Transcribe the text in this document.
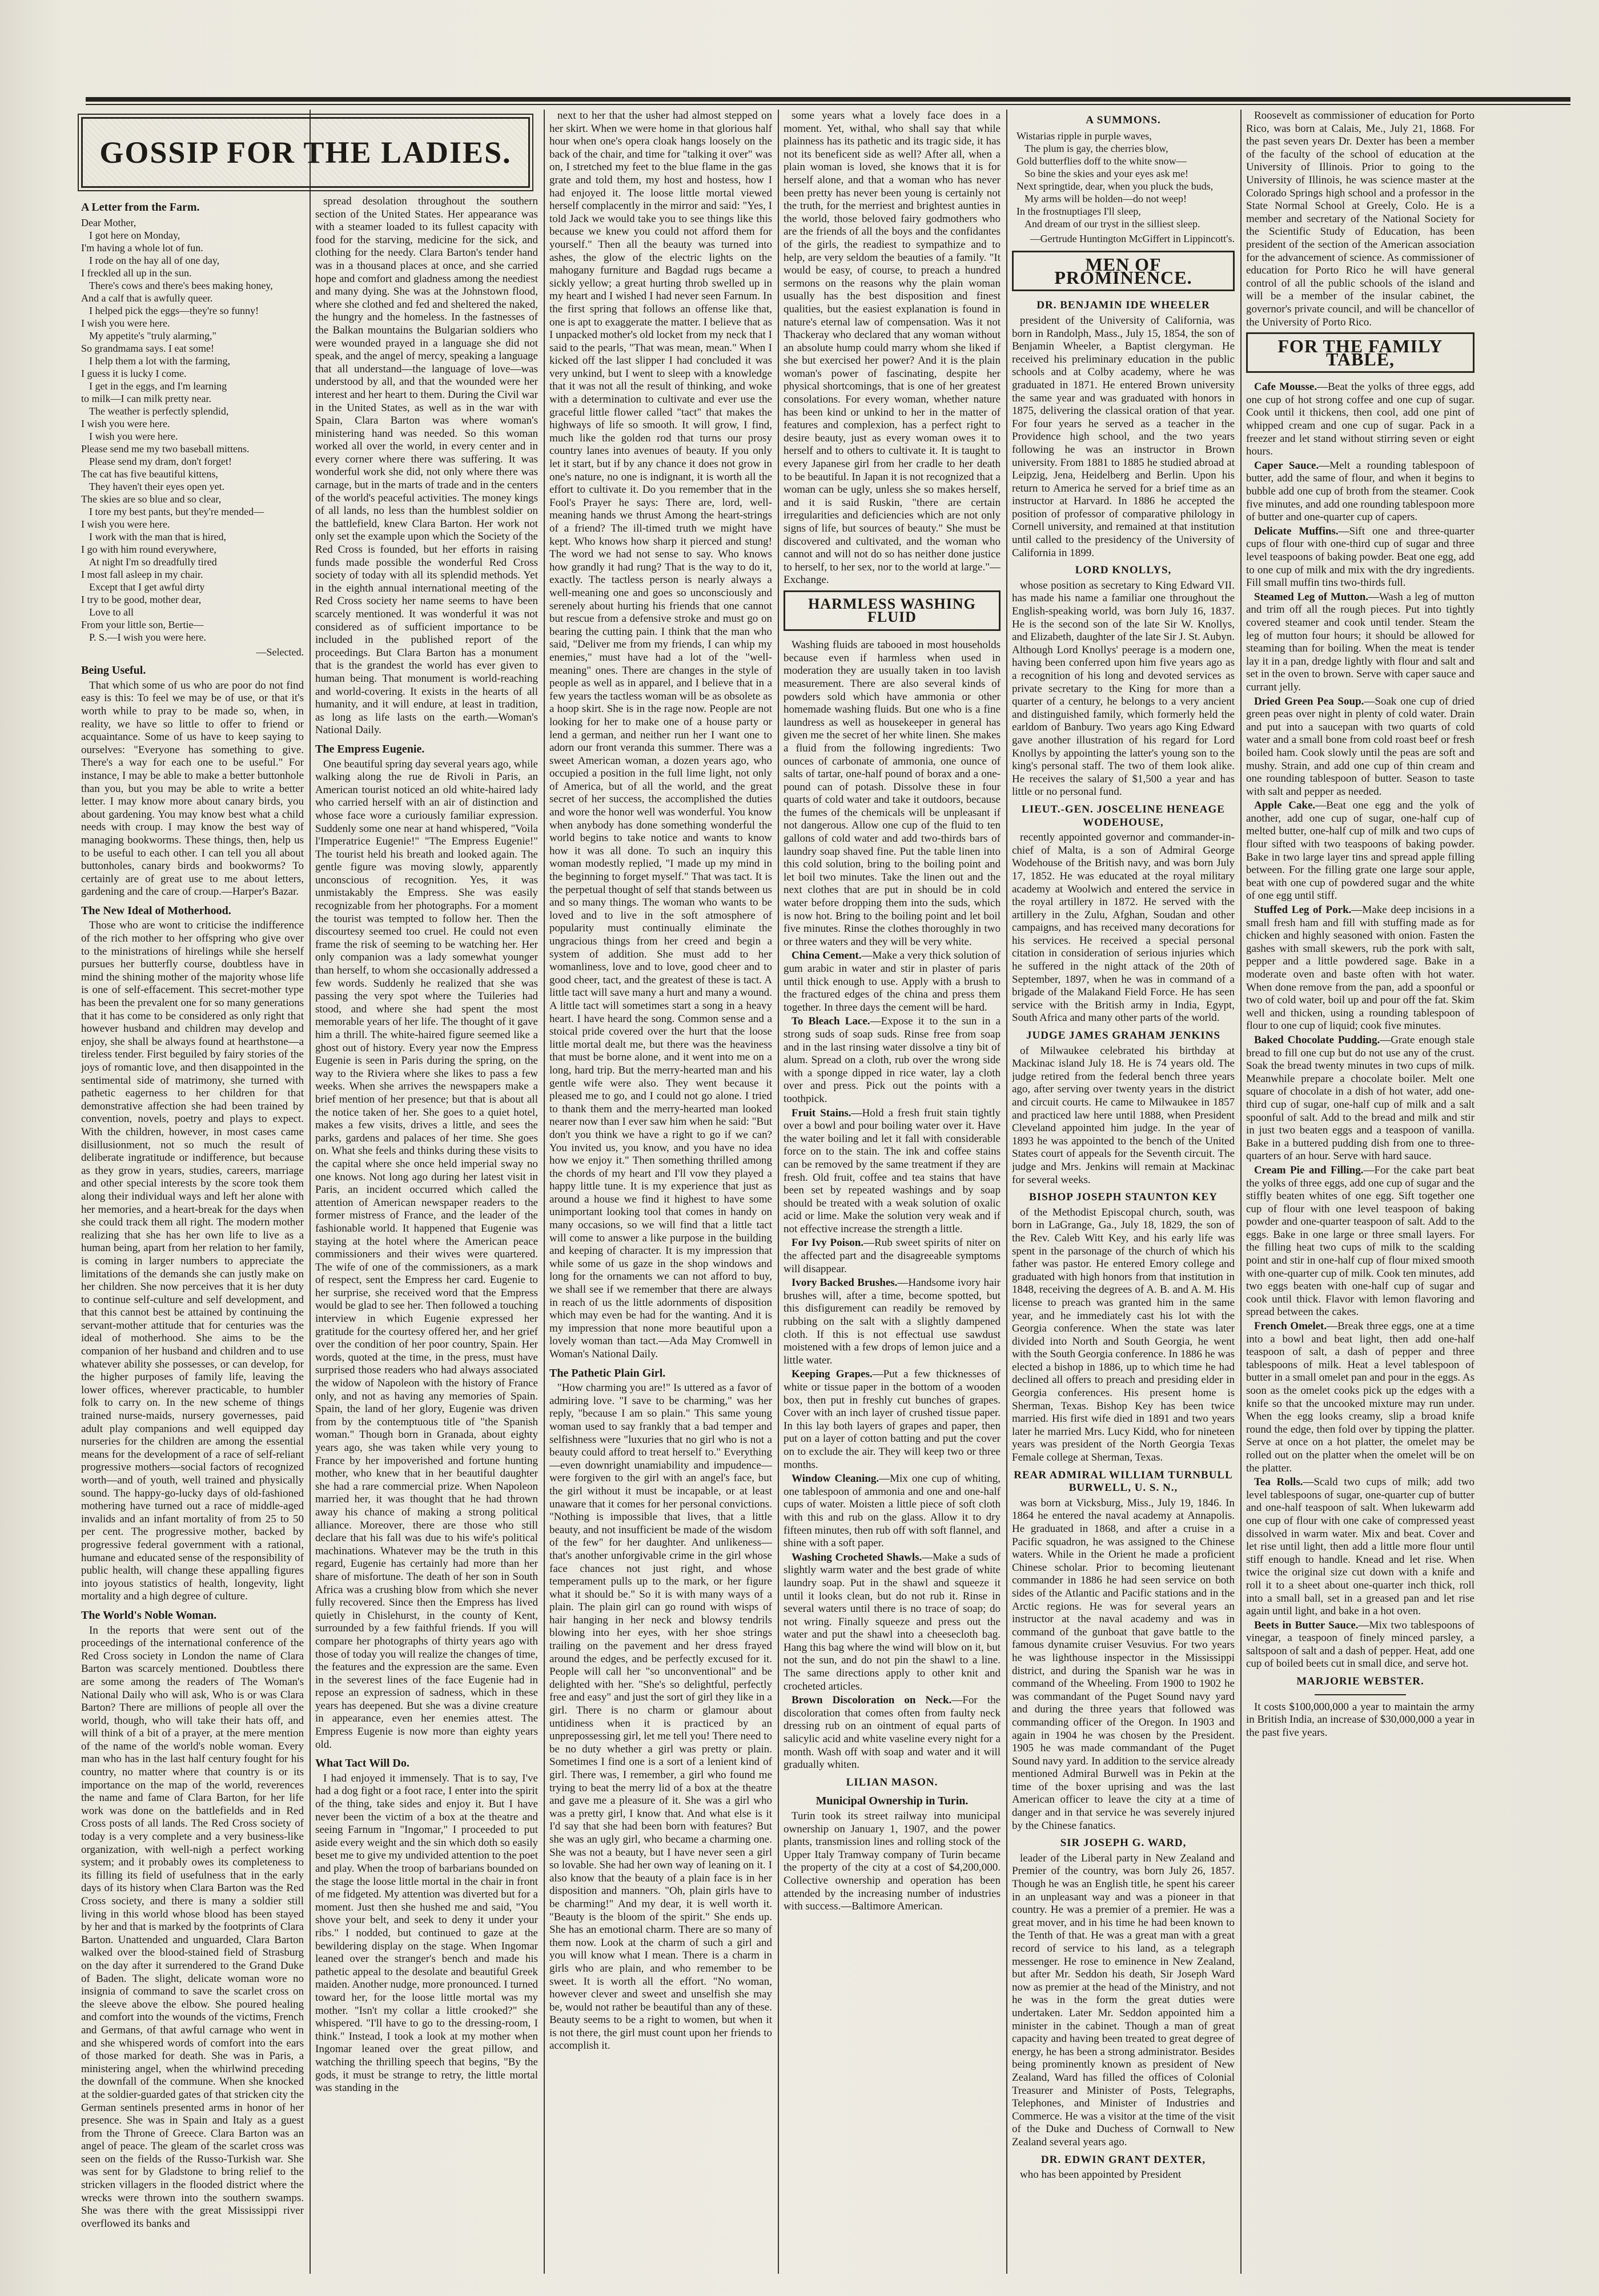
A Letter from the Farm.

Dear Mother,

I got here on Monday,

I'm having a whole lot of fun.

I rode on the hay all of one day,

I freckled all up in the sun.

There's cows and there's bees making honey,

And a calf that is awfully queer.

I helped pick the eggs—they're so funny!

I wish you were here.

My appetite's "truly alarming,"

So grandmama says. I eat some!

I help them a lot with the farming,

I guess it is lucky I come.

I get in the eggs, and I'm learning

to milk—I can milk pretty near.

The weather is perfectly splendid,

I wish you were here.

I wish you were here.

Please send me my two baseball mittens.

Please send my dram, don't forget!

The cat has five beautiful kittens,

They haven't their eyes open yet.

The skies are so blue and so clear,

I tore my best pants, but they're mended—

I wish you were here.

I work with the man that is hired,

I go with him round everywhere,

At night I'm so dreadfully tired

I most fall asleep in my chair.

Except that I get awful dirty

I try to be good, mother dear,

Love to all

From your little son, Bertie—

P. S.—I wish you were here.

—Selected.
Being Useful.

That which some of us who are poor do not find easy is this: To feel we may be of use, or that it's worth while to pray to be made so, when, in reality, we have so little to offer to friend or acquaintance. Some of us have to keep saying to ourselves: "Everyone has something to give. There's a way for each one to be useful." For instance, I may be able to make a better buttonhole than you, but you may be able to write a better letter. I may know more about canary birds, you about gardening. You may know best what a child needs with croup. I may know the best way of managing bookworms. These things, then, help us to be useful to each other. I can tell you all about buttonholes, canary birds and bookworms? To certainly are of great use to me about letters, gardening and the care of croup.—Harper's Bazar.

The New Ideal of Motherhood.

Those who are wont to criticise the indifference of the rich mother to her offspring who give over to the ministrations of hirelings while she herself pursues her butterfly course, doubtless have in mind the shining mother of the majority whose life is one of self-effacement. This secret-mother type has been the prevalent one for so many generations that it has come to be considered as only right that however husband and children may develop and enjoy, she shall be always found at hearthstone—a tireless tender. First beguiled by fairy stories of the joys of romantic love, and then disappointed in the sentimental side of matrimony, she turned with pathetic eagerness to her children for that demonstrative affection she had been trained by convention, novels, poetry and plays to expect. With the children, however, in most cases came disillusionment, not so much the result of deliberate ingratitude or indifference, but because as they grow in years, studies, careers, marriage and other special interests by the score took them along their individual ways and left her alone with her memories, and a heart-break for the days when she could track them all right. The modern mother realizing that she has her own life to live as a human being, apart from her relation to her family, is coming in larger numbers to appreciate the limitations of the demands she can justly make on her children. She now perceives that it is her duty to continue self-culture and self development, and that this cannot best be attained by continuing the servant-mother attitude that for centuries was the ideal of motherhood. She aims to be the companion of her husband and children and to use whatever ability she possesses, or can develop, for the higher purposes of family life, leaving the lower offices, wherever practicable, to humbler folk to carry on. In the new scheme of things trained nurse-maids, nursery governesses, paid adult play companions and well equipped day nurseries for the children are among the essential means for the development of a race of self-reliant progressive mothers—social factors of recognized worth—and of youth, well trained and physically sound. The happy-go-lucky days of old-fashioned mothering have turned out a race of middle-aged invalids and an infant mortality of from 25 to 50 per cent. The progressive mother, backed by progressive federal government with a rational, humane and educated sense of the responsibility of public health, will change these appalling figures into joyous statistics of health, longevity, light mortality and a high degree of culture.

The World's Noble Woman.

In the reports that were sent out of the proceedings of the international conference of the Red Cross society in London the name of Clara Barton was scarcely mentioned. Doubtless there are some among the readers of The Woman's National Daily who will ask, Who is or was Clara Barton? There are millions of people all over the world, though, who will take their hats off, and will think of a bit of a prayer, at the mere mention of the name of the world's noble woman. Every man who has in the last half century fought for his country, no matter where that country is or its importance on the map of the world, reverences the name and fame of Clara Barton, for her life work was done on the battlefields and in Red Cross posts of all lands. The Red Cross society of today is a very complete and a very business-like organization, with well-nigh a perfect working system; and it probably owes its completeness to its filling its field of usefulness that in the early days of its history when Clara Barton was the Red Cross society, and there is many a soldier still living in this world whose blood has been stayed by her and that is marked by the footprints of Clara Barton. Unattended and unguarded, Clara Barton walked over the blood-stained field of Strasburg on the day after it surrendered to the Grand Duke of Baden. The slight, delicate woman wore no insignia of command to save the scarlet cross on the sleeve above the elbow. She poured healing and comfort into the wounds of the victims, French and Germans, of that awful carnage who went in and she whispered words of comfort into the ears of those marked for death. She was in Paris, a ministering angel, when the whirlwind preceding the downfall of the commune. When she knocked at the soldier-guarded gates of that stricken city the German sentinels presented arms in honor of her presence. She was in Spain and Italy as a guest from the Throne of Greece. Clara Barton was an angel of peace. The gleam of the scarlet cross was seen on the fields of the Russo-Turkish war. She was sent for by Gladstone to bring relief to the stricken villagers in the flooded district where the wrecks were thrown into the southern swamps. She was there with the great Mississippi river overflowed its banks and

GOSSIP FOR THE LADIES.

spread desolation throughout the southern section of the United States. Her appearance was with a steamer loaded to its fullest capacity with food for the starving, medicine for the sick, and clothing for the needy. Clara Barton's tender hand was in a thousand places at once, and she carried hope and comfort and gladness among the neediest and many dying. She was at the Johnstown flood, where she clothed and fed and sheltered the naked, the hungry and the homeless. In the fastnesses of the Balkan mountains the Bulgarian soldiers who were wounded prayed in a language she did not speak, and the angel of mercy, speaking a language that all understand—the language of love—was understood by all, and that the wounded were her interest and her heart to them. During the Civil war in the United States, as well as in the war with Spain, Clara Barton was where woman's ministering hand was needed. So this woman worked all over the world, in every center and in every corner where there was suffering. It was wonderful work she did, not only where there was carnage, but in the marts of trade and in the centers of the world's peaceful activities. The money kings of all lands, no less than the humblest soldier on the battlefield, knew Clara Barton. Her work not only set the example upon which the Society of the Red Cross is founded, but her efforts in raising funds made possible the wonderful Red Cross society of today with all its splendid methods. Yet in the eighth annual international meeting of the Red Cross society her name seems to have been scarcely mentioned. It was wonderful it was not considered as of sufficient importance to be included in the published report of the proceedings. But Clara Barton has a monument that is the grandest the world has ever given to human being. That monument is world-reaching and world-covering. It exists in the hearts of all humanity, and it will endure, at least in tradition, as long as life lasts on the earth.—Woman's National Daily.

The Empress Eugenie.

One beautiful spring day several years ago, while walking along the rue de Rivoli in Paris, an American tourist noticed an old white-haired lady who carried herself with an air of distinction and whose face wore a curiously familiar expression. Suddenly some one near at hand whispered, "Voila l'Imperatrice Eugenie!" "The Empress Eugenie!" The tourist held his breath and looked again. The gentle figure was moving slowly, apparently unconscious of recognition. Yes, it was unmistakably the Empress. She was easily recognizable from her photographs. For a moment the tourist was tempted to follow her. Then the discourtesy seemed too cruel. He could not even frame the risk of seeming to be watching her. Her only companion was a lady somewhat younger than herself, to whom she occasionally addressed a few words. Suddenly he realized that she was passing the very spot where the Tuileries had stood, and where she had spent the most memorable years of her life. The thought of it gave him a thrill. The white-haired figure seemed like a ghost out of history. Every year now the Empress Eugenie is seen in Paris during the spring, on the way to the Riviera where she likes to pass a few weeks. When she arrives the newspapers make a brief mention of her presence; but that is about all the notice taken of her. She goes to a quiet hotel, makes a few visits, drives a little, and sees the parks, gardens and palaces of her time. She goes on. What she feels and thinks during these visits to the capital where she once held imperial sway no one knows. Not long ago during her latest visit in Paris, an incident occurred which called the attention of American newspaper readers to the former mistress of France, and the leader of the fashionable world. It happened that Eugenie was staying at the hotel where the American peace commissioners and their wives were quartered. The wife of one of the commissioners, as a mark of respect, sent the Empress her card. Eugenie to her surprise, she received word that the Empress would be glad to see her. Then followed a touching interview in which Eugenie expressed her gratitude for the courtesy offered her, and her grief over the condition of her poor country, Spain. Her words, quoted at the time, in the press, must have surprised those readers who had always associated the widow of Napoleon with the history of France only, and not as having any memories of Spain. Spain, the land of her glory, Eugenie was driven from by the contemptuous title of "the Spanish woman." Though born in Granada, about eighty years ago, she was taken while very young to France by her impoverished and fortune hunting mother, who knew that in her beautiful daughter she had a rare commercial prize. When Napoleon married her, it was thought that he had thrown away his chance of making a strong political alliance. Moreover, there are those who still declare that his fall was due to his wife's political machinations. Whatever may be the truth in this regard, Eugenie has certainly had more than her share of misfortune. The death of her son in South Africa was a crushing blow from which she never fully recovered. Since then the Empress has lived quietly in Chislehurst, in the county of Kent, surrounded by a few faithful friends. If you will compare her photographs of thirty years ago with those of today you will realize the changes of time, the features and the expression are the same. Even in the severest lines of the face Eugenie had in repose an expression of sadness, which in these years has deepened. But she was a divine creature in appearance, even her enemies attest. The Empress Eugenie is now more than eighty years old.

What Tact Will Do.

I had enjoyed it immensely. That is to say, I've had a dog fight or a foot race, I enter into the spirit of the thing, take sides and enjoy it. But I have never been the victim of a box at the theatre and seeing Farnum in "Ingomar," I proceeded to put aside every weight and the sin which doth so easily beset me to give my undivided attention to the poet and play. When the troop of barbarians bounded on the stage the loose little mortal in the chair in front of me fidgeted. My attention was diverted but for a moment. Just then she hushed me and said, "You shove your belt, and seek to deny it under your ribs." I nodded, but continued to gaze at the bewildering display on the stage. When Ingomar leaned over the stranger's bench and made his pathetic appeal to the desolate and beautiful Greek maiden. Another nudge, more pronounced. I turned toward her, for the loose little mortal was my mother. "Isn't my collar a little crooked?" she whispered. "I'll have to go to the dressing-room, I think." Instead, I took a look at my mother when Ingomar leaned over the great pillow, and watching the thrilling speech that begins, "By the gods, it must be strange to retry, the little mortal was standing in the

next to her that the usher had almost stepped on her skirt. When we were home in that glorious half hour when one's opera cloak hangs loosely on the back of the chair, and time for "talking it over" was on, I stretched my feet to the blue flame in the gas grate and told them, my host and hostess, how I had enjoyed it. The loose little mortal viewed herself complacently in the mirror and said: "Yes, I told Jack we would take you to see things like this because we knew you could not afford them for yourself." Then all the beauty was turned into ashes, the glow of the electric lights on the mahogany furniture and Bagdad rugs became a sickly yellow; a great hurting throb swelled up in my heart and I wished I had never seen Farnum. In the first spring that follows an offense like that, one is apt to exaggerate the matter. I believe that as I unpacked mother's old locket from my neck that I said to the pearls, "That was mean, mean." When I kicked off the last slipper I had concluded it was very unkind, but I went to sleep with a knowledge that it was not all the result of thinking, and woke with a determination to cultivate and ever use the graceful little flower called "tact" that makes the highways of life so smooth. It will grow, I find, much like the golden rod that turns our prosy country lanes into avenues of beauty. If you only let it start, but if by any chance it does not grow in one's nature, no one is indignant, it is worth all the effort to cultivate it. Do you remember that in the Fool's Prayer he says: There are, lord, well-meaning hands we thrust Among the heart-strings of a friend? The ill-timed truth we might have kept. Who knows how sharp it pierced and stung! The word we had not sense to say. Who knows how grandly it had rung? That is the way to do it, exactly. The tactless person is nearly always a well-meaning one and goes so unconsciously and serenely about hurting his friends that one cannot but rescue from a defensive stroke and must go on bearing the cutting pain. I think that the man who said, "Deliver me from my friends, I can whip my enemies," must have had a lot of the "well-meaning" ones. There are changes in the style of people as well as in apparel, and I believe that in a few years the tactless woman will be as obsolete as a hoop skirt. She is in the rage now. People are not looking for her to make one of a house party or lend a german, and neither run her I want one to adorn our front veranda this summer. There was a sweet American woman, a dozen years ago, who occupied a position in the full lime light, not only of America, but of all the world, and the great secret of her success, the accomplished the duties and wore the honor well was wonderful. You know when anybody has done something wonderful the world begins to take notice and wants to know how it was all done. To such an inquiry this woman modestly replied, "I made up my mind in the beginning to forget myself." That was tact. It is the perpetual thought of self that stands between us and so many things. The woman who wants to be loved and to live in the soft atmosphere of popularity must continually eliminate the ungracious things from her creed and begin a system of addition. She must add to her womanliness, love and to love, good cheer and to good cheer, tact, and the greatest of these is tact. A little tact will save many a hurt and many a wound. A little tact will sometimes start a song in a heavy heart. I have heard the song. Common sense and a stoical pride covered over the hurt that the loose little mortal dealt me, but there was the heaviness that must be borne alone, and it went into me on a long, hard trip. But the merry-hearted man and his gentle wife were also. They went because it pleased me to go, and I could not go alone. I tried to thank them and the merry-hearted man looked nearer now than I ever saw him when he said: "But don't you think we have a right to go if we can? You invited us, you know, and you have no idea how we enjoy it." Then something thrilled among the chords of my heart and I'll vow they played a happy little tune. It is my experience that just as around a house we find it highest to have some unimportant looking tool that comes in handy on many occasions, so we will find that a little tact will come to answer a like purpose in the building and keeping of character. It is my impression that while some of us gaze in the shop windows and long for the ornaments we can not afford to buy, we shall see if we remember that there are always in reach of us the little adornments of disposition which may even be had for the wanting. And it is my impression that none more beautiful upon a lovely woman than tact.—Ada May Cromwell in Woman's National Daily.

The Pathetic Plain Girl.

"How charming you are!" Is uttered as a favor of admiring love. "I save to be charming," was her reply, "because I am so plain." This same young woman used to say frankly that a bad temper and selfishness were "luxuries that no girl who is not a beauty could afford to treat herself to." Everything—even downright unamiability and impudence—were forgiven to the girl with an angel's face, but the girl without it must be incapable, or at least unaware that it comes for her personal convictions. "Nothing is impossible that lives, that a little beauty, and not insufficient be made of the wisdom of the few" for her daughter. And unlikeness—that's another unforgivable crime in the girl whose face chances not just right, and whose temperament pulls up to the mark, or her figure what it should be." So it is with many ways of a plain. The plain girl can go round with wisps of hair hanging in her neck and blowsy tendrils blowing into her eyes, with her shoe strings trailing on the pavement and her dress frayed around the edges, and be perfectly excused for it. People will call her "so unconventional" and be delighted with her. "She's so delightful, perfectly free and easy" and just the sort of girl they like in a girl. There is no charm or glamour about untidiness when it is practiced by an unprepossessing girl, let me tell you! There need to be no duty whether a girl was pretty or plain. Sometimes I find one is a sort of a lenient kind of girl. There was, I remember, a girl who found me trying to beat the merry lid of a box at the theatre and gave me a pleasure of it. She was a girl who was a pretty girl, I know that. And what else is it I'd say that she had been born with features? But she was an ugly girl, who became a charming one. She was not a beauty, but I have never seen a girl so lovable. She had her own way of leaning on it. I also know that the beauty of a plain face is in her disposition and manners. "Oh, plain girls have to be charming!" And my dear, it is well worth it. "Beauty is the bloom of the spirit." She ends up. She has an emotional charm. There are so many of them now. Look at the charm of such a girl and you will know what I mean. There is a charm in girls who are plain, and who remember to be sweet. It is worth all the effort. "No woman, however clever and sweet and unselfish she may be, would not rather be beautiful than any of these. Beauty seems to be a right to women, but when it is not there, the girl must count upon her friends to accomplish it.

some years what a lovely face does in a moment. Yet, withal, who shall say that while plainness has its pathetic and its tragic side, it has not its beneficent side as well? After all, when a plain woman is loved, she knows that it is for herself alone, and that a woman who has never been pretty has never been young is certainly not the truth, for the merriest and brightest aunties in the world, those beloved fairy godmothers who are the friends of all the boys and the confidantes of the girls, the readiest to sympathize and to help, are very seldom the beauties of a family. "It would be easy, of course, to preach a hundred sermons on the reasons why the plain woman usually has the best disposition and finest qualities, but the easiest explanation is found in nature's eternal law of compensation. Was it not Thackeray who declared that any woman without an absolute hump could marry whom she liked if she but exercised her power? And it is the plain woman's power of fascinating, despite her physical shortcomings, that is one of her greatest consolations. For every woman, whether nature has been kind or unkind to her in the matter of features and complexion, has a perfect right to desire beauty, just as every woman owes it to herself and to others to cultivate it. It is taught to every Japanese girl from her cradle to her death to be beautiful. In Japan it is not recognized that a woman can be ugly, unless she so makes herself, and it is said Ruskin, "there are certain irregularities and deficiencies which are not only signs of life, but sources of beauty." She must be discovered and cultivated, and the woman who cannot and will not do so has neither done justice to herself, to her sex, nor to the world at large."—Exchange.

HARMLESS WASHING FLUID

Washing fluids are tabooed in most households because even if harmless when used in moderation they are usually taken in too lavish measurement. There are also several kinds of powders sold which have ammonia or other homemade washing fluids. But one who is a fine laundress as well as housekeeper in general has given me the secret of her white linen. She makes a fluid from the following ingredients: Two ounces of carbonate of ammonia, one ounce of salts of tartar, one-half pound of borax and a one-pound can of potash. Dissolve these in four quarts of cold water and take it outdoors, because the fumes of the chemicals will be unpleasant if not dangerous. Allow one cup of the fluid to ten gallons of cold water and add two-thirds bars of laundry soap shaved fine. Put the table linen into this cold solution, bring to the boiling point and let boil two minutes. Take the linen out and the next clothes that are put in should be in cold water before dropping them into the suds, which is now hot. Bring to the boiling point and let boil five minutes. Rinse the clothes thoroughly in two or three waters and they will be very white.

China Cement.—Make a very thick solution of gum arabic in water and stir in plaster of paris until thick enough to use. Apply with a brush to the fractured edges of the china and press them together. In three days the cement will be hard.

To Bleach Lace.—Expose it to the sun in a strong suds of soap suds. Rinse free from soap and in the last rinsing water dissolve a tiny bit of alum. Spread on a cloth, rub over the wrong side with a sponge dipped in rice water, lay a cloth over and press. Pick out the points with a toothpick.

Fruit Stains.—Hold a fresh fruit stain tightly over a bowl and pour boiling water over it. Have the water boiling and let it fall with considerable force on to the stain. The ink and coffee stains can be removed by the same treatment if they are fresh. Old fruit, coffee and tea stains that have been set by repeated washings and by soap should be treated with a weak solution of oxalic acid or lime. Make the solution very weak and if not effective increase the strength a little.

For Ivy Poison.—Rub sweet spirits of niter on the affected part and the disagreeable symptoms will disappear.

Ivory Backed Brushes.—Handsome ivory hair brushes will, after a time, become spotted, but this disfigurement can readily be removed by rubbing on the salt with a slightly dampened cloth. If this is not effectual use sawdust moistened with a few drops of lemon juice and a little water.

Keeping Grapes.—Put a few thicknesses of white or tissue paper in the bottom of a wooden box, then put in freshly cut bunches of grapes. Cover with an inch layer of crushed tissue paper. In this lay both layers of grapes and paper, then put on a layer of cotton batting and put the cover on to exclude the air. They will keep two or three months.

Window Cleaning.—Mix one cup of whiting, one tablespoon of ammonia and one and one-half cups of water. Moisten a little piece of soft cloth with this and rub on the glass. Allow it to dry fifteen minutes, then rub off with soft flannel, and shine with a soft paper.

Washing Crocheted Shawls.—Make a suds of slightly warm water and the best grade of white laundry soap. Put in the shawl and squeeze it until it looks clean, but do not rub it. Rinse in several waters until there is no trace of soap; do not wring. Finally squeeze and press out the water and put the shawl into a cheesecloth bag. Hang this bag where the wind will blow on it, but not the sun, and do not pin the shawl to a line. The same directions apply to other knit and crocheted articles.

Brown Discoloration on Neck.—For the discoloration that comes often from faulty neck dressing rub on an ointment of equal parts of salicylic acid and white vaseline every night for a month. Wash off with soap and water and it will gradually whiten.

LILIAN MASON.
Municipal Ownership in Turin.

Turin took its street railway into municipal ownership on January 1, 1907, and the power plants, transmission lines and rolling stock of the Upper Italy Tramway company of Turin became the property of the city at a cost of $4,200,000. Collective ownership and operation has been attended by the increasing number of industries with success.—Baltimore American.

A SUMMONS.

Wistarias ripple in purple waves,

The plum is gay, the cherries blow,

Gold butterflies doff to the white snow—

So bine the skies and your eyes ask me!

Next springtide, dear, when you pluck the buds,

My arms will be holden—do not weep!

In the frostnuptiages I'll sleep,

And dream of our tryst in the silliest sleep.

—Gertrude Huntington McGiffert in Lippincott's.
MEN OF PROMINENCE.
DR. BENJAMIN IDE WHEELER

president of the University of California, was born in Randolph, Mass., July 15, 1854, the son of Benjamin Wheeler, a Baptist clergyman. He received his preliminary education in the public schools and at Colby academy, where he was graduated in 1871. He entered Brown university the same year and was graduated with honors in 1875, delivering the classical oration of that year. For four years he served as a teacher in the Providence high school, and the two years following he was an instructor in Brown university. From 1881 to 1885 he studied abroad at Leipzig, Jena, Heidelberg and Berlin. Upon his return to America he served for a brief time as an instructor at Harvard. In 1886 he accepted the position of professor of comparative philology in Cornell university, and remained at that institution until called to the presidency of the University of California in 1899.

LORD KNOLLYS,

whose position as secretary to King Edward VII. has made his name a familiar one throughout the English-speaking world, was born July 16, 1837. He is the second son of the late Sir W. Knollys, and Elizabeth, daughter of the late Sir J. St. Aubyn. Although Lord Knollys' peerage is a modern one, having been conferred upon him five years ago as a recognition of his long and devoted services as private secretary to the King for more than a quarter of a century, he belongs to a very ancient and distinguished family, which formerly held the earldom of Banbury. Two years ago King Edward gave another illustration of his regard for Lord Knollys by appointing the latter's young son to the king's personal staff. The two of them look alike. He receives the salary of $1,500 a year and has little or no personal fund.

LIEUT.-GEN. JOSCELINE HENEAGE WODEHOUSE,

recently appointed governor and commander-in-chief of Malta, is a son of Admiral George Wodehouse of the British navy, and was born July 17, 1852. He was educated at the royal military academy at Woolwich and entered the service in the royal artillery in 1872. He served with the artillery in the Zulu, Afghan, Soudan and other campaigns, and has received many decorations for his services. He received a special personal citation in consideration of serious injuries which he suffered in the night attack of the 20th of September, 1897, when he was in command of a brigade of the Malakand Field Force. He has seen service with the British army in India, Egypt, South Africa and many other parts of the world.

JUDGE JAMES GRAHAM JENKINS

of Milwaukee celebrated his birthday at Mackinac island July 18. He is 74 years old. The judge retired from the federal bench three years ago, after serving over twenty years in the district and circuit courts. He came to Milwaukee in 1857 and practiced law here until 1888, when President Cleveland appointed him judge. In the year of 1893 he was appointed to the bench of the United States court of appeals for the Seventh circuit. The judge and Mrs. Jenkins will remain at Mackinac for several weeks.

BISHOP JOSEPH STAUNTON KEY

of the Methodist Episcopal church, south, was born in LaGrange, Ga., July 18, 1829, the son of the Rev. Caleb Witt Key, and his early life was spent in the parsonage of the church of which his father was pastor. He entered Emory college and graduated with high honors from that institution in 1848, receiving the degrees of A. B. and A. M. His license to preach was granted him in the same year, and he immediately cast his lot with the Georgia conference. When the state was later divided into North and South Georgia, he went with the South Georgia conference. In 1886 he was elected a bishop in 1886, up to which time he had declined all offers to preach and presiding elder in Georgia conferences. His present home is Sherman, Texas. Bishop Key has been twice married. His first wife died in 1891 and two years later he married Mrs. Lucy Kidd, who for nineteen years was president of the North Georgia Texas Female college at Sherman, Texas.

REAR ADMIRAL WILLIAM TURNBULL BURWELL, U. S. N.,

was born at Vicksburg, Miss., July 19, 1846. In 1864 he entered the naval academy at Annapolis. He graduated in 1868, and after a cruise in a Pacific squadron, he was assigned to the Chinese waters. While in the Orient he made a proficient Chinese scholar. Prior to becoming lieutenant commander in 1886 he had seen service on both sides of the Atlantic and Pacific stations and in the Arctic regions. He was for several years an instructor at the naval academy and was in command of the gunboat that gave battle to the famous dynamite cruiser Vesuvius. For two years he was lighthouse inspector in the Mississippi district, and during the Spanish war he was in command of the Wheeling. From 1900 to 1902 he was commandant of the Puget Sound navy yard and during the three years that followed was commanding officer of the Oregon. In 1903 and again in 1904 he was chosen by the President. 1905 he was made commandant of the Puget Sound navy yard. In addition to the service already mentioned Admiral Burwell was in Pekin at the time of the boxer uprising and was the last American officer to leave the city at a time of danger and in that service he was severely injured by the Chinese fanatics.

SIR JOSEPH G. WARD,

leader of the Liberal party in New Zealand and Premier of the country, was born July 26, 1857. Though he was an English title, he spent his career in an unpleasant way and was a pioneer in that country. He was a premier of a premier. He was a great mover, and in his time he had been known to the Tenth of that. He was a great man with a great record of service to his land, as a telegraph messenger. He rose to eminence in New Zealand, but after Mr. Seddon his death, Sir Joseph Ward now as premier at the head of the Ministry, and not he was in the form the great duties were undertaken. Later Mr. Seddon appointed him a minister in the cabinet. Though a man of great capacity and having been treated to great degree of energy, he has been a strong administrator. Besides being prominently known as president of New Zealand, Ward has filled the offices of Colonial Treasurer and Minister of Posts, Telegraphs, Telephones, and Minister of Industries and Commerce. He was a visitor at the time of the visit of the Duke and Duchess of Cornwall to New Zealand several years ago.

DR. EDWIN GRANT DEXTER,

who has been appointed by President

Roosevelt as commissioner of education for Porto Rico, was born at Calais, Me., July 21, 1868. For the past seven years Dr. Dexter has been a member of the faculty of the school of education at the University of Illinois. Prior to going to the University of Illinois, he was science master at the Colorado Springs high school and a professor in the State Normal School at Greely, Colo. He is a member and secretary of the National Society for the Scientific Study of Education, has been president of the section of the American association for the advancement of science. As commissioner of education for Porto Rico he will have general control of all the public schools of the island and will be a member of the insular cabinet, the governor's private council, and will be chancellor of the University of Porto Rico.

FOR THE FAMILY TABLE,

Cafe Mousse.—Beat the yolks of three eggs, add one cup of hot strong coffee and one cup of sugar. Cook until it thickens, then cool, add one pint of whipped cream and one cup of sugar. Pack in a freezer and let stand without stirring seven or eight hours.

Caper Sauce.—Melt a rounding tablespoon of butter, add the same of flour, and when it begins to bubble add one cup of broth from the steamer. Cook five minutes, and add one rounding tablespoon more of butter and one-quarter cup of capers.

Delicate Muffins.—Sift one and three-quarter cups of flour with one-third cup of sugar and three level teaspoons of baking powder. Beat one egg, add to one cup of milk and mix with the dry ingredients. Fill small muffin tins two-thirds full.

Steamed Leg of Mutton.—Wash a leg of mutton and trim off all the rough pieces. Put into tightly covered steamer and cook until tender. Steam the leg of mutton four hours; it should be allowed for steaming than for boiling. When the meat is tender lay it in a pan, dredge lightly with flour and salt and set in the oven to brown. Serve with caper sauce and currant jelly.

Dried Green Pea Soup.—Soak one cup of dried green peas over night in plenty of cold water. Drain and put into a saucepan with two quarts of cold water and a small bone from cold roast beef or fresh boiled ham. Cook slowly until the peas are soft and mushy. Strain, and add one cup of thin cream and one rounding tablespoon of butter. Season to taste with salt and pepper as needed.

Apple Cake.—Beat one egg and the yolk of another, add one cup of sugar, one-half cup of melted butter, one-half cup of milk and two cups of flour sifted with two teaspoons of baking powder. Bake in two large layer tins and spread apple filling between. For the filling grate one large sour apple, beat with one cup of powdered sugar and the white of one egg until stiff.

Stuffed Leg of Pork.—Make deep incisions in a small fresh ham and fill with stuffing made as for chicken and highly seasoned with onion. Fasten the gashes with small skewers, rub the pork with salt, pepper and a little powdered sage. Bake in a moderate oven and baste often with hot water. When done remove from the pan, add a spoonful or two of cold water, boil up and pour off the fat. Skim well and thicken, using a rounding tablespoon of flour to one cup of liquid; cook five minutes.

Baked Chocolate Pudding.—Grate enough stale bread to fill one cup but do not use any of the crust. Soak the bread twenty minutes in two cups of milk. Meanwhile prepare a chocolate boiler. Melt one square of chocolate in a dish of hot water, add one-third cup of sugar, one-half cup of milk and a salt spoonful of salt. Add to the bread and milk and stir in just two beaten eggs and a teaspoon of vanilla. Bake in a buttered pudding dish from one to three-quarters of an hour. Serve with hard sauce.

Cream Pie and Filling.—For the cake part beat the yolks of three eggs, add one cup of sugar and the stiffly beaten whites of one egg. Sift together one cup of flour with one level teaspoon of baking powder and one-quarter teaspoon of salt. Add to the eggs. Bake in one large or three small layers. For the filling heat two cups of milk to the scalding point and stir in one-half cup of flour mixed smooth with one-quarter cup of milk. Cook ten minutes, add two eggs beaten with one-half cup of sugar and cook until thick. Flavor with lemon flavoring and spread between the cakes.

French Omelet.—Break three eggs, one at a time into a bowl and beat light, then add one-half teaspoon of salt, a dash of pepper and three tablespoons of milk. Heat a level tablespoon of butter in a small omelet pan and pour in the eggs. As soon as the omelet cooks pick up the edges with a knife so that the uncooked mixture may run under. When the egg looks creamy, slip a broad knife round the edge, then fold over by tipping the platter. Serve at once on a hot platter, the omelet may be rolled out on the platter when the omelet will be on the platter.

Tea Rolls.—Scald two cups of milk; add two level tablespoons of sugar, one-quarter cup of butter and one-half teaspoon of salt. When lukewarm add one cup of flour with one cake of compressed yeast dissolved in warm water. Mix and beat. Cover and let rise until light, then add a little more flour until stiff enough to handle. Knead and let rise. When twice the original size cut down with a knife and roll it to a sheet about one-quarter inch thick, roll into a small ball, set in a greased pan and let rise again until light, and bake in a hot oven.

Beets in Butter Sauce.—Mix two tablespoons of vinegar, a teaspoon of finely minced parsley, a saltspoon of salt and a dash of pepper. Heat, add one cup of boiled beets cut in small dice, and serve hot.

MARJORIE WEBSTER.

It costs $100,000,000 a year to maintain the army in British India, an increase of $30,000,000 a year in the past five years.
